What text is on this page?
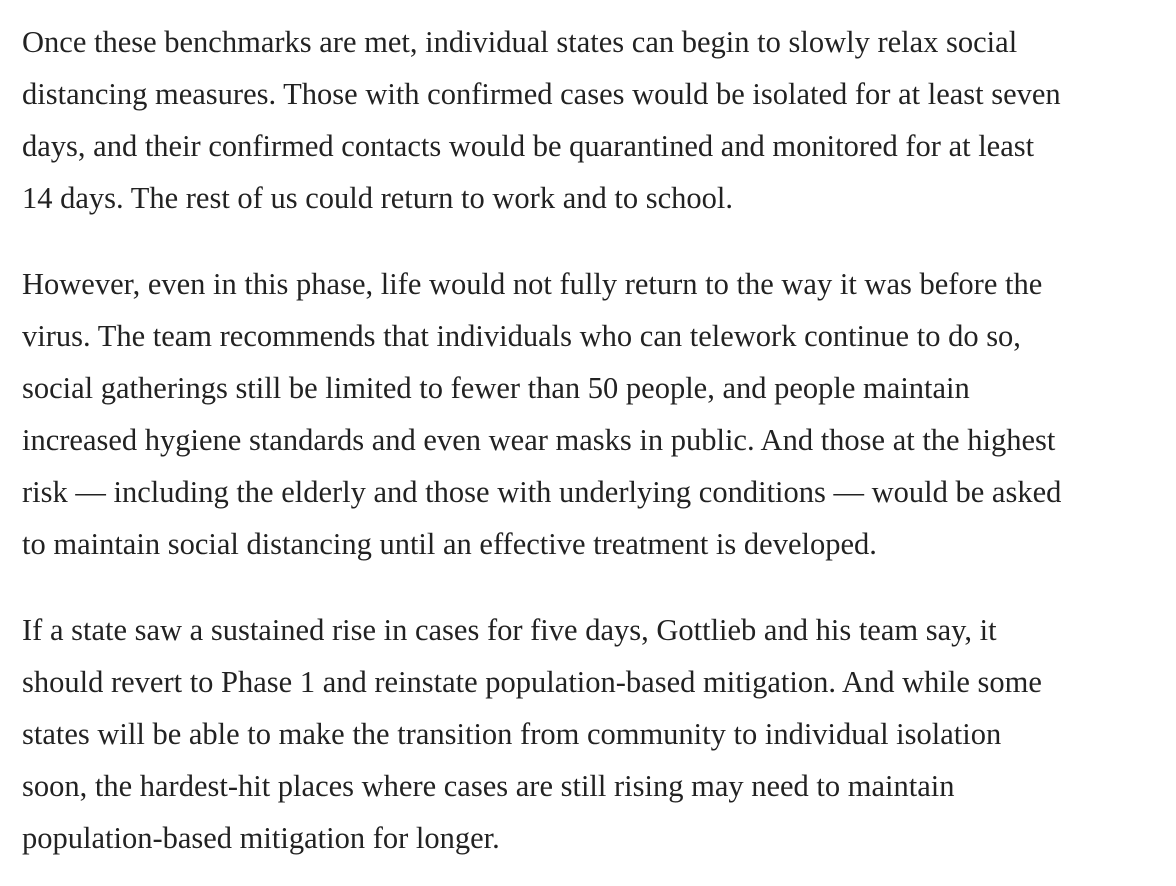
Once these benchmarks are met, individual states can begin to slowly relax social
distancing measures. Those with confirmed cases would be isolated for at least seven
days, and their confirmed contacts would be quarantined and monitored for at least
14 days. The rest of us could return to work and to school.

However, even in this phase, life would not fully return to the way it was before the
virus. The team recommends that individuals who can telework continue to do so,
social gatherings still be limited to fewer than 50 people, and people maintain
increased hygiene standards and even wear masks in public. And those at the highest
risk — including the elderly and those with underlying conditions — would be asked
to maintain social distancing until an effective treatment is developed.

If a state saw a sustained rise in cases for five days, Gottlieb and his team say, it
should revert to Phase 1 and reinstate population-based mitigation. And while some
states will be able to make the transition from community to individual isolation
soon, the hardest-hit places where cases are still rising may need to maintain
population-based mitigation for longer.
